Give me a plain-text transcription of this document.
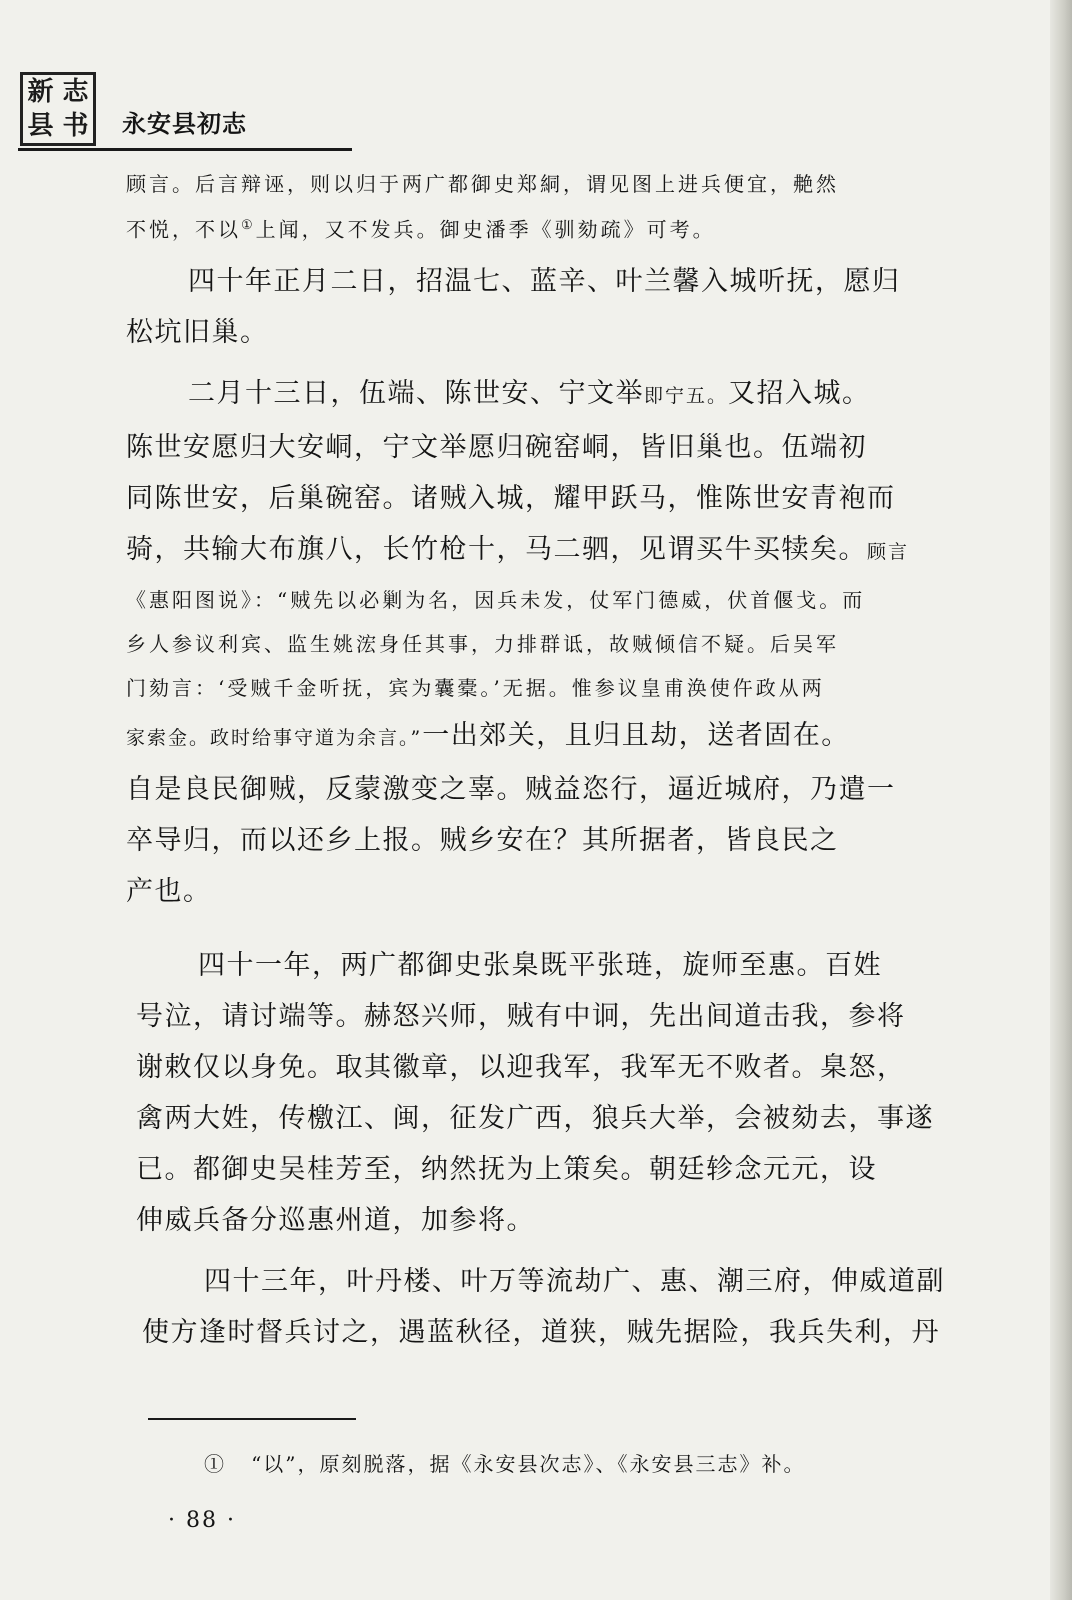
新 志
县 书 永安县初志
顾言。后言辩诬，则以归于两广都御史郑絧，谓见图上进兵便宜，艴然
不悦，不以①上闻，又不发兵。御史潘季《驯劾疏》可考。
四十年正月二日，招温七、蓝辛、叶兰馨入城听抚，愿归
松坑旧巢。
二月十三日，伍端、陈世安、宁文举即宁五。又招入城。
陈世安愿归大安峒，宁文举愿归碗窑峒，皆旧巢也。伍端初
同陈世安，后巢碗窑。诸贼入城，耀甲跃马，惟陈世安青袍而
骑，共输大布旗八，长竹枪十，马二驷，见谓买牛买犊矣。顾言
《惠阳图说》：“贼先以必剿为名，因兵未发，仗军门德威，伏首偃戈。而
乡人参议利宾、监生姚浤身任其事，力排群诋，故贼倾信不疑。后吴军
门劾言：‘受贼千金听抚，宾为囊橐。’无据。惟参议皇甫涣使仵政从两
家索金。政时给事守道为余言。”一出郊关，且归且劫，送者固在。
自是良民御贼，反蒙激变之辜。贼益恣行，逼近城府，乃遣一
卒导归，而以还乡上报。贼乡安在？其所据者，皆良民之
产也。
四十一年，两广都御史张臬既平张琏，旋师至惠。百姓
号泣，请讨端等。赫怒兴师，贼有中诇，先出间道击我，参将
谢敕仅以身免。取其徽章，以迎我军，我军无不败者。臬怒，
禽两大姓，传檄江、闽，征发广西，狼兵大举，会被劾去，事遂
已。都御史吴桂芳至，纳然抚为上策矣。朝廷轸念元元，设
伸威兵备分巡惠州道，加参将。
四十三年，叶丹楼、叶万等流劫广、惠、潮三府，伸威道副
使方逢时督兵讨之，遇蓝秋径，道狭，贼先据险，我兵失利，丹
① “以”，原刻脱落，据《永安县次志》、《永安县三志》补。
· 88 ·
